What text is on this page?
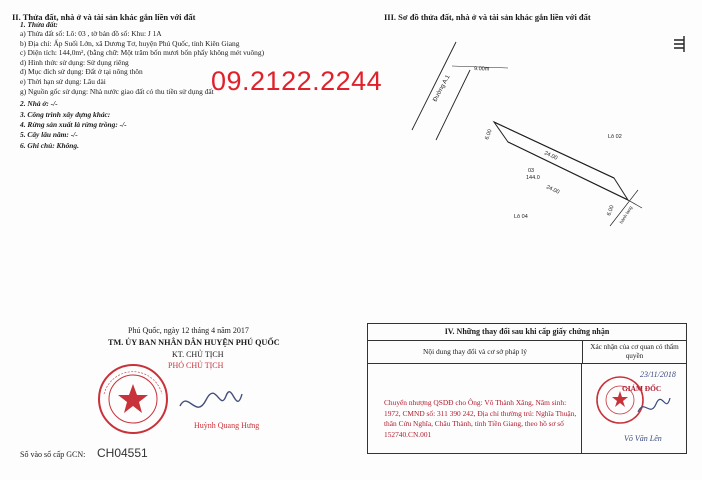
II. Thửa đất, nhà ở và tài sản khác gắn liền với đất
1. Thửa đất:
a) Thửa đất số: Lô: 03 , tờ bản đồ số: Khu: J 1A
b) Địa chỉ: Ấp Suối Lớn, xã Dương Tơ, huyện Phú Quốc, tỉnh Kiên Giang
c) Diện tích: 144,0m², (bằng chữ: Một trăm bốn mươi bốn phẩy không mét vuông)
d) Hình thức sử dụng: Sử dụng riêng
đ) Mục đích sử dụng: Đất ở tại nông thôn
e) Thời hạn sử dụng: Lâu dài
g) Nguồn gốc sử dụng: Nhà nước giao đất có thu tiền sử dụng đất
2. Nhà ở: -/-
3. Công trình xây dựng khác:
4. Rừng sản xuất là rừng trồng: -/-
5. Cây lâu năm: -/-
6. Ghi chú: Không.
09.2122.2244
III. Sơ đồ thửa đất, nhà ở và tài sản khác gắn liền với đất
Đường A.1
9.00m
Lô 02
Lô 04
03
144.0
24.00
24.00
6.00
6.00 hành lang
Phú Quốc, ngày 12 tháng 4 năm 2017
TM. ỦY BAN NHÂN DÂN HUYỆN PHÚ QUỐC
KT. CHỦ TỊCH
PHÓ CHỦ TỊCH
Huỳnh Quang Hưng
Số vào sổ cấp GCN: CH04551
IV. Những thay đổi sau khi cấp giấy chứng nhận
Nội dung thay đổi và cơ sở pháp lý	Xác nhận của cơ quan có thẩm quyền
Chuyển nhượng QSDĐ cho Ông: Võ Thành Xăng, Năm sinh: 1972, CMND số: 311 390 242, Địa chỉ thường trú: Nghĩa Thuận, thân Cửu Nghĩa, Châu Thành, tỉnh Tiền Giang, theo hồ sơ số 152740.CN.001
23/11/2018
GIÁM ĐỐC
Võ Văn Lên
